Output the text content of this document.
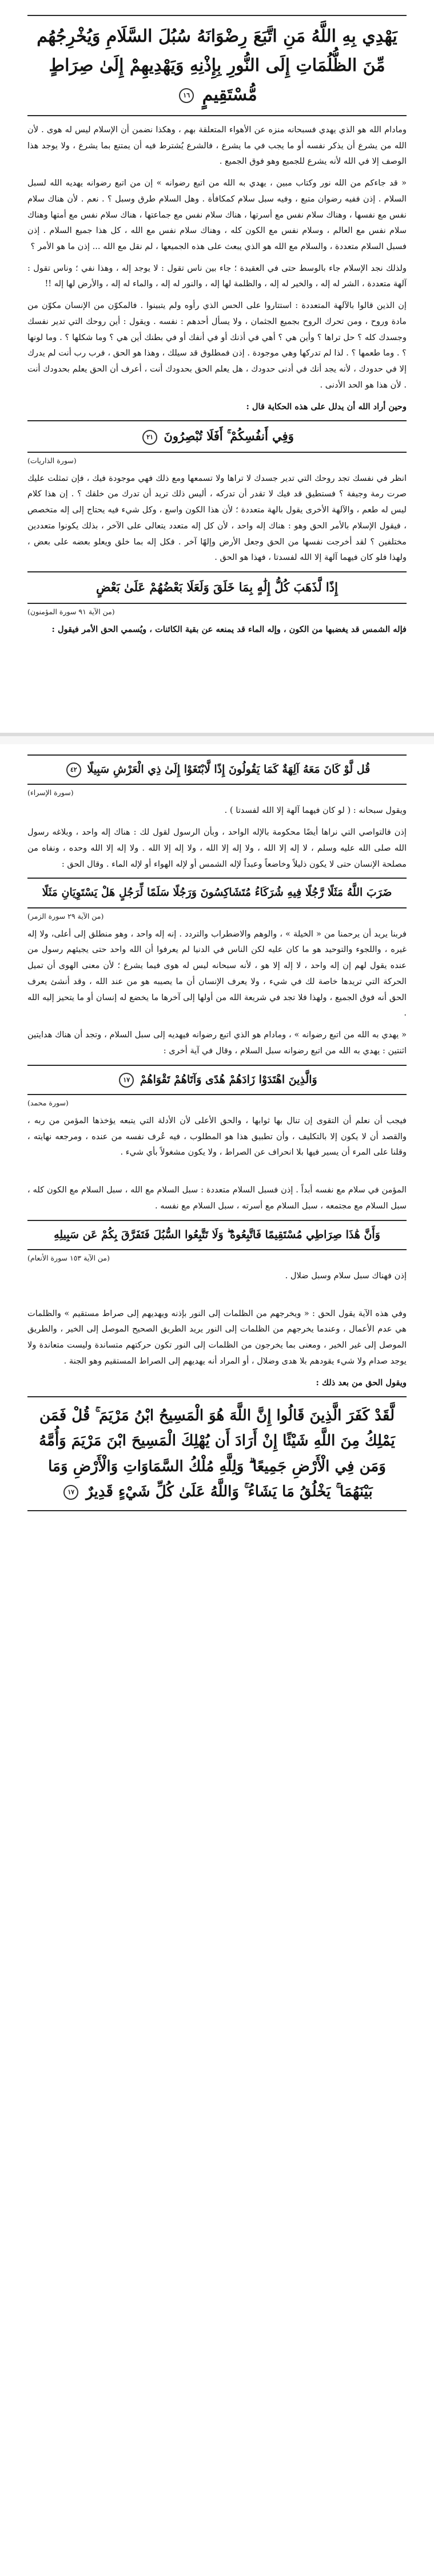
يَهْدِي بِهِ اللَّهُ مَنِ اتَّبَعَ رِضْوَانَهُ سُبُلَ السَّلَامِ وَيُخْرِجُهُم مِّنَ الظُّلُمَاتِ إِلَى النُّورِ بِإِذْنِهِ وَيَهْدِيهِمْ إِلَىٰ صِرَاطٍ مُّسْتَقِيمٍ ١٦

ومادام الله هو الذي يهدي فسبحانه منزه عن الأهواء المتعلقة بهم ، وهكذا نضمن أن الإسلام ليس له هوى . لأن الله من يشرع أن يذكر نفسه أو ما يجب في ما يشرع ، فالشرع يُشترط فيه أن يمتنع بما يشرع ، ولا يوجد هذا الوصف إلا في الله لأنه يشرع للجميع وهو فوق الجميع .

« قد جاءكم من الله نور وكتاب مبين ، يهدي به الله من اتبع رضوانه » إن من اتبع رضوانه يهديه الله لسبل السلام . إذن ففيه رضوان متبع ، وفيه سبل سلام كمكافأة . وهل السلام طرق وسبل ؟ . نعم . لأن هناك سلام نفس مع نفسها ، وهناك سلام نفس مع أسرتها ، هناك سلام نفس مع جماعتها ، هناك سلام نفس مع أمتها وهناك سلام نفس مع العالم ، وسلام نفس مع الكون كله ، وهناك سلام نفس مع الله ، كل هذا جميع السلام . إذن فسبل السلام متعددة ، والسلام مع الله هو الذي يبعث على هذه الجميعها ، لم نقل مع الله ... إذن ما هو الأمر ؟

ولذلك نجد الإسلام جاء بالوسط حتى في العقيدة ؛ جاء بين ناس تقول : لا يوجد إله ، وهذا نفي ؛ وناس تقول : آلهة متعددة ، الشر له إله ، والخير له إله ، والظلمة لها إله ، والنور له إله ، والماء له إله ، والأرض لها إله !!

إن الذين قالوا بالآلهة المتعددة : استتاروا على الحس الذي رأوه ولم يتبينوا . فالمكوّن من الإنسان مكوّن من مادة وروح ، ومن تحرك الروح بجميع الجثمان ، ولا يسأل أحدهم : نفسه . ويقول : أين روحك التي تدير نفسك وجسدك كله ؟ حل تراها ؟ وأين هي ؟ أهي في أذنك أو في أنفك أو في بطنك أين هي ؟ وما شكلها ؟ . وما لونها ؟ . وما طعمها ؟ . لذا لم تدركها وهي موجودة . إذن فمطلوق قد سيلك ، وهذا هو الحق ، فرب رب أنت لم يدرك إلا في حدودك ، لأنه يجد أنك في أدنى حدودك ، هل يعلم الحق بحدودك أنت ، أعرف أن الحق يعلم بحدودك أنت . لأن هذا هو الحد الأدنى .

وحين أراد الله أن يدلل على هذه الحكاية قال :

وَفِي أَنفُسِكُمْ ۚ أَفَلَا تُبْصِرُونَ ٢١
(سورة الذاريات)

انظر في نفسك تجد روحك التي تدير جسدك لا تراها ولا تسمعها ومع ذلك فهي موجودة فيك ، فإن تمثلت عليك صرت رمة وجيفة ؟ فستطيق قد فيك لا تقدر أن تدركه ، أليس ذلك تريد أن تدرك من خلقك ؟ . إن هذا كلام ليس له طعم ، والآلهة الأخرى يقول بالهة متعددة ؛ لأن هذا الكون واسع ، وكل شيء فيه يحتاج إلى إله متخصص ، فيقول الإسلام بالأمر الحق وهو : هناك إله واحد ، لأن كل إله متعدد يتعالى على الآخر ، بذلك يكونوا متعددين مختلفين ؟ لقد أخرجت نفسها من الحق وجعل الأرض وإلهًا آخر . فكل إله بما خلق ويعلو بعضه على بعض ، ولهذا فلو كان فيهما آلهة إلا الله لفسدتا ، فهذا هو الحق .

إِذًا لَّذَهَبَ كُلُّ إِلَٰهٍ بِمَا خَلَقَ وَلَعَلَا بَعْضُهُمْ عَلَىٰ بَعْضٍ
(من الآية ٩١ سورة المؤمنون)

فإله الشمس قد يغضبها من الكون ، وإله الماء قد يمنعه عن بقية الكائنات ، ويُسمي الحق الأمر فيقول :

قُل لَّوْ كَانَ مَعَهُ آلِهَةٌ كَمَا يَقُولُونَ إِذًا لَّابْتَغَوْا إِلَىٰ ذِي الْعَرْشِ سَبِيلًا ٤٢
(سورة الإسراء)

ويقول سبحانه : ( لو كان فيهما آلهة إلا الله لفسدتا ) .

إذن فالتواصي التي نراها أيضًا محكومة بالإله الواحد ، وبأن الرسول لقول لك : هناك إله واحد ، وبلاغه رسول الله صلى الله عليه وسلم ، لا إله إلا الله ، ولا إله إلا الله ، ولا إله إلا الله . ولا إله إلا الله وحده ، ونفاه من مصلحة الإنسان حتى لا يكون ذليلاً وخاضعاً وعبداً لإله الشمس أو لإله الهواء أو لإله الماء . وقال الحق :

ضَرَبَ اللَّهُ مَثَلًا رَّجُلًا فِيهِ شُرَكَاءُ مُتَشَاكِسُونَ وَرَجُلًا سَلَمًا لِّرَجُلٍ هَلْ يَسْتَوِيَانِ مَثَلًا
(من الآية ٢٩ سورة الزمر)

فربنا يريد أن يرحمنا من « الخيلة » ، والوهم والاضطراب والتردد . إنه إله واحد ، وهو منطلق إلى أعلى، ولا إله غيره ، واللجوء والتوحيد هو ما كان عليه لكن الناس في الدنيا لم يعرفوا أن الله واحد حتى يجيئهم رسول من عنده يقول لهم إن إله واحد ، لا إله إلا هو ، لأنه سبحانه ليس له هوى فيما يشرع ؛ لأن معنى الهوى أن تميل الحركة التي تريدها خاصة لك في شيء ، ولا يعرف الإنسان أن ما يصيبه هو من عند الله ، وقد أنشئ يعرف الحق أنه فوق الجميع ، ولهذا فلا تجد في شريعة الله من أولها إلى آخرها ما يخضع له إنسان أو ما يتحيز إليه الله .

« يهدي به الله من اتبع رضوانه » ، ومادام هو الذي اتبع رضوانه فيهديه إلى سبل السلام ، وتجد أن هناك هدايتين اثنتين : يهدي به الله من اتبع رضوانه سبل السلام ، وقال في آية أخرى :

وَالَّذِينَ اهْتَدَوْا زَادَهُمْ هُدًى وَآتَاهُمْ تَقْوَاهُمْ ١٧
(سورة محمد)

فيجب أن نعلم أن التقوى إن تنال بها ثوابها ، والحق الأعلى لأن الأدلة التي يتبعه يؤخذها المؤمن من ربه ، والقصد أن لا يكون إلا بالتكليف ، وأن تطبيق هذا هو المطلوب ، فيه عُرف نفسه من عنده ، ومرجعه نهايته ، وقلنا على المرء أن يسير فيها بلا انحراف عن الصراط ، ولا يكون مشغولاً بأي شيء .

المؤمن في سلام مع نفسه أبداً . إذن فسبل السلام متعددة : سبل السلام مع الله ، سبل السلام مع الكون كله ، سبل السلام مع مجتمعه ، سبل السلام مع أسرته ، سبل السلام مع نفسه .

وَأَنَّ هَٰذَا صِرَاطِي مُسْتَقِيمًا فَاتَّبِعُوهُ ۖ وَلَا تَتَّبِعُوا السُّبُلَ فَتَفَرَّقَ بِكُمْ عَن سَبِيلِهِ
(من الآية ١٥٣ سورة الأنعام)

إذن فهناك سبل سلام وسبل ضلال .

وفي هذه الآية يقول الحق : « ويخرجهم من الظلمات إلى النور بإذنه ويهديهم إلى صراط مستقيم » والظلمات هي عدم الأعمال ، وعندما يخرجهم من الظلمات إلى النور يريد الطريق الصحيح الموصل إلى الخير ، والطريق الموصل إلى غير الخير ، ومعنى بما يخرجون من الظلمات إلى النور تكون حركتهم متساندة وليست متعاندة ولا يوجد صدام ولا شيء يقودهم بلا هدى وضلال ، أو المراد أنه يهديهم إلى الصراط المستقيم وهو الجنة .

ويقول الحق من بعد ذلك :

لَّقَدْ كَفَرَ الَّذِينَ قَالُوا إِنَّ اللَّهَ هُوَ الْمَسِيحُ ابْنُ مَرْيَمَ ۚ قُلْ فَمَن يَمْلِكُ مِنَ اللَّهِ شَيْئًا إِنْ أَرَادَ أَن يُهْلِكَ الْمَسِيحَ ابْنَ مَرْيَمَ وَأُمَّهُ وَمَن فِي الْأَرْضِ جَمِيعًا ۗ وَلِلَّهِ مُلْكُ السَّمَاوَاتِ وَالْأَرْضِ وَمَا بَيْنَهُمَا ۚ يَخْلُقُ مَا يَشَاءُ ۚ وَاللَّهُ عَلَىٰ كُلِّ شَيْءٍ قَدِيرٌ ١٧
